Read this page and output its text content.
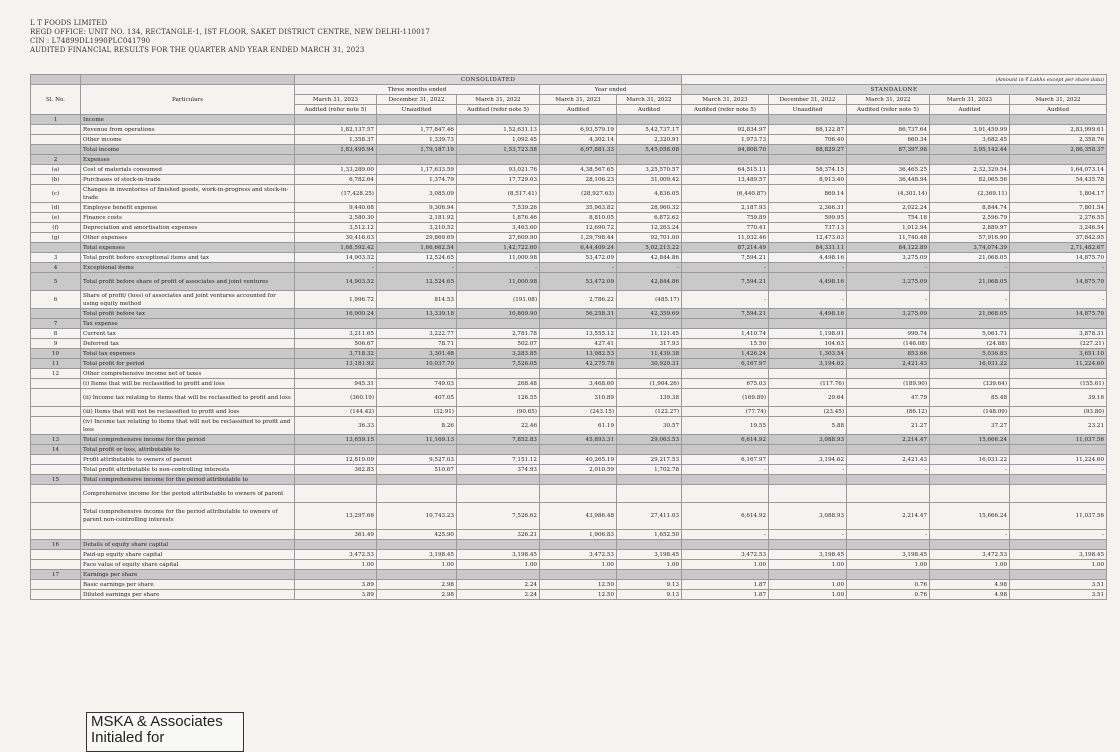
L T FOODS LIMITED
REGD OFFICE: UNIT NO. 134, RECTANGLE-1, IST FLOOR, SAKET DISTRICT CENTRE, NEW DELHI-110017
CIN : L74899DL1990PLC041790
AUDITED FINANCIAL RESULTS FOR THE QUARTER AND YEAR ENDED MARCH 31, 2023
		CONSOLIDATED					(Amount in ₹ Lakhs except per share data)				
Sl. No.	Particulars	Three months ended			Year ended		STANDALONE				
		March 31, 2023	December 31, 2022	March 31, 2022	March 31, 2023	March 31, 2022	March 31, 2023	December 31, 2022	March 31, 2022	March 31, 2023	March 31, 2022
		Audited (refer note 5)	Unaudited	Audited (refer note 5)	Audited	Audited	Audited (refer note 5)	Unaudited	Audited (refer note 5)	Audited	Audited
1	Income										
	Revenue from operations	1,82,137.57	1,77,847.46	1,52,631.13	6,93,579.19	5,42,737.17	92,834.97	88,122.87	86,737.64	3,91,459.99	2,83,999.61
	Other income	1,358.37	1,339.73	1,092.45	4,302.14	2,320.91	1,973.73	706.40	660.34	3,682.45	2,358.76
	Total income	1,83,495.94	1,79,187.19	1,53,723.58	6,97,881.33	5,45,058.08	94,808.70	88,829.27	87,397.98	3,95,142.44	2,86,358.37
2	Expenses										
(a)	Cost of materials consumed	1,33,289.00	1,17,633.59	93,021.76	4,38,567.65	3,25,570.57	64,515.11	58,374.15	36,465.25	2,32,329.54	1,64,073.14
(b)	Purchases of stock-in-trade	6,782.64	1,374.79	17,729.03	28,106.23	31,009.42	13,489.57	8,913.40	36,448.94	82,065.56	54,435.78
(c)	Changes in inventories of finished goods, work-in-progress and stock-in-trade	(17,428.25)	3,085.09	(8,517.41)	(28,927.63)	4,836.05	(6,440.87)	869.14	(4,301.14)	(2,369.11)	1,804.17
(d)	Employee benefit expense	9,440.68	9,306.94	7,539.26	35,963.82	28,960.32	2,187.93	2,366.31	2,022.24	8,844.74	7,801.54
(e)	Finance costs	2,580.30	2,181.92	1,876.46	8,810.05	6,872.62	759.89	599.95	754.18	2,596.79	2,276.55
(f)	Depreciation and amortisation expenses	3,512.12	3,210.52	3,463.60	12,690.72	12,263.24	770.41	737.13	1,012.94	2,889.97	3,246.54
(g)	Other expenses	30,416.03	29,869.69	27,609.90	1,29,798.44	92,701.00	11,932.46	12,473.03	11,740.48	57,916.90	37,842.95
	Total expenses	1,68,592.42	1,66,662.54	1,42,722.60	6,44,409.24	5,02,213.22	87,214.49	84,331.11	84,122.89	3,74,074.39	2,71,482.67
3	Total profit before exceptional items and tax	14,903.52	12,524.65	11,000.98	53,472.09	42,844.86	7,594.21	4,498.16	3,275.09	21,068.05	14,875.70
4	Exceptional items	-	-	-	-	-	-	-	-	-	-
5	Total profit before share of profit of associates and joint ventures	14,903.52	12,524.65	11,000.98	53,472.09	42,844.86	7,594.21	4,498.16	3,275.09	21,068.05	14,875.70
6	Share of profit/ (loss) of associates and joint ventures accounted for using equity method	1,996.72	814.53	(191.08)	2,786.22	(485.17)	-	-	-	-	-
	Total profit before tax	16,900.24	13,339.18	10,809.90	56,258.31	42,359.69	7,594.21	4,498.16	3,275.09	21,068.05	14,875.70
7	Tax expense										
8	Current tax	3,211.65	3,222.77	2,781.78	13,555.12	11,121.45	1,410.74	1,198.91	999.74	5,061.71	3,878.31
9	Deferred tax	506.67	78.71	502.07	427.41	317.93	15.50	104.63	(146.08)	(24.88)	(227.21)
10	Total tax expenses	3,718.32	3,301.48	3,283.85	13,982.53	11,439.38	1,426.24	1,303.54	853.66	5,036.83	3,651.10
11	Total profit for period	13,181.92	10,037.70	7,526.05	42,275.78	30,920.31	6,167.97	3,194.62	2,421.43	16,031.22	11,224.60
12	Other comprehensive income net of taxes										
	(i) Items that will be reclassified to profit and loss	945.31	749.03	268.48	3,468.60	(1,904.26)	675.03	(117.76)	(189.90)	(339.64)	(155.61)
	(ii) Income tax relating to items that will be reclassified to profit and loss	(360.19)	407.05	126.55	310.89	139.38	(169.89)	29.64	47.79	85.48	39.16
	(iii) Items that will not be reclassified to profit and loss	(144.42)	(32.91)	(90.65)	(243.15)	(122.27)	(77.74)	(23.45)	(86.12)	(148.09)	(93.80)
	(iv) Income tax relating to items that will not be reclassified to profit and loss	36.33	8.26	22.46	61.19	30.57	19.55	5.88	21.27	37.27	23.21
13	Total comprehensive income for the period	13,659.15	11,169.13	7,852.83	45,893.31	29,063.53	6,614.92	3,088.93	2,214.47	15,666.24	11,037.56
14	Total profit or loss, attributable to										
	Profit attributable to owners of parent	12,819.09	9,527.03	7,151.12	40,265.19	29,217.53	6,167.97	3,194.62	2,421.43	16,031.22	11,224.60
	Total profit attributable to non-controlling interests	362.83	510.67	374.93	2,010.59	1,702.78	-	-	-	-	-
15	Total comprehensive income for the period attributable to										
	Comprehensive income for the period attributable to owners of parent										
	Total comprehensive income for the period attributable to owners of parent non-controlling interests	13,297.66	10,743.23	7,526.62	43,986.48	27,411.03	6,614.92	3,088.93	2,214.47	15,666.24	11,037.56
		361.49	425.90	326.21	1,906.83	1,652.50	-	-	-	-	-
16	Details of equity share capital										
	Paid-up equity share capital	3,472.53	3,198.45	3,198.45	3,472.53	3,198.45	3,472.53	3,198.45	3,198.45	3,472.53	3,198.45
	Face value of equity share capital	1.00	1.00	1.00	1.00	1.00	1.00	1.00	1.00	1.00	1.00
17	Earnings per share										
	Basic earnings per share	3.89	2.98	2.24	12.50	9.13	1.87	1.00	0.76	4.98	3.51
	Diluted earnings per share	3.89	2.98	2.24	12.50	9.13	1.87	1.00	0.76	4.98	3.51
MSKA & Associates
Initialed for
